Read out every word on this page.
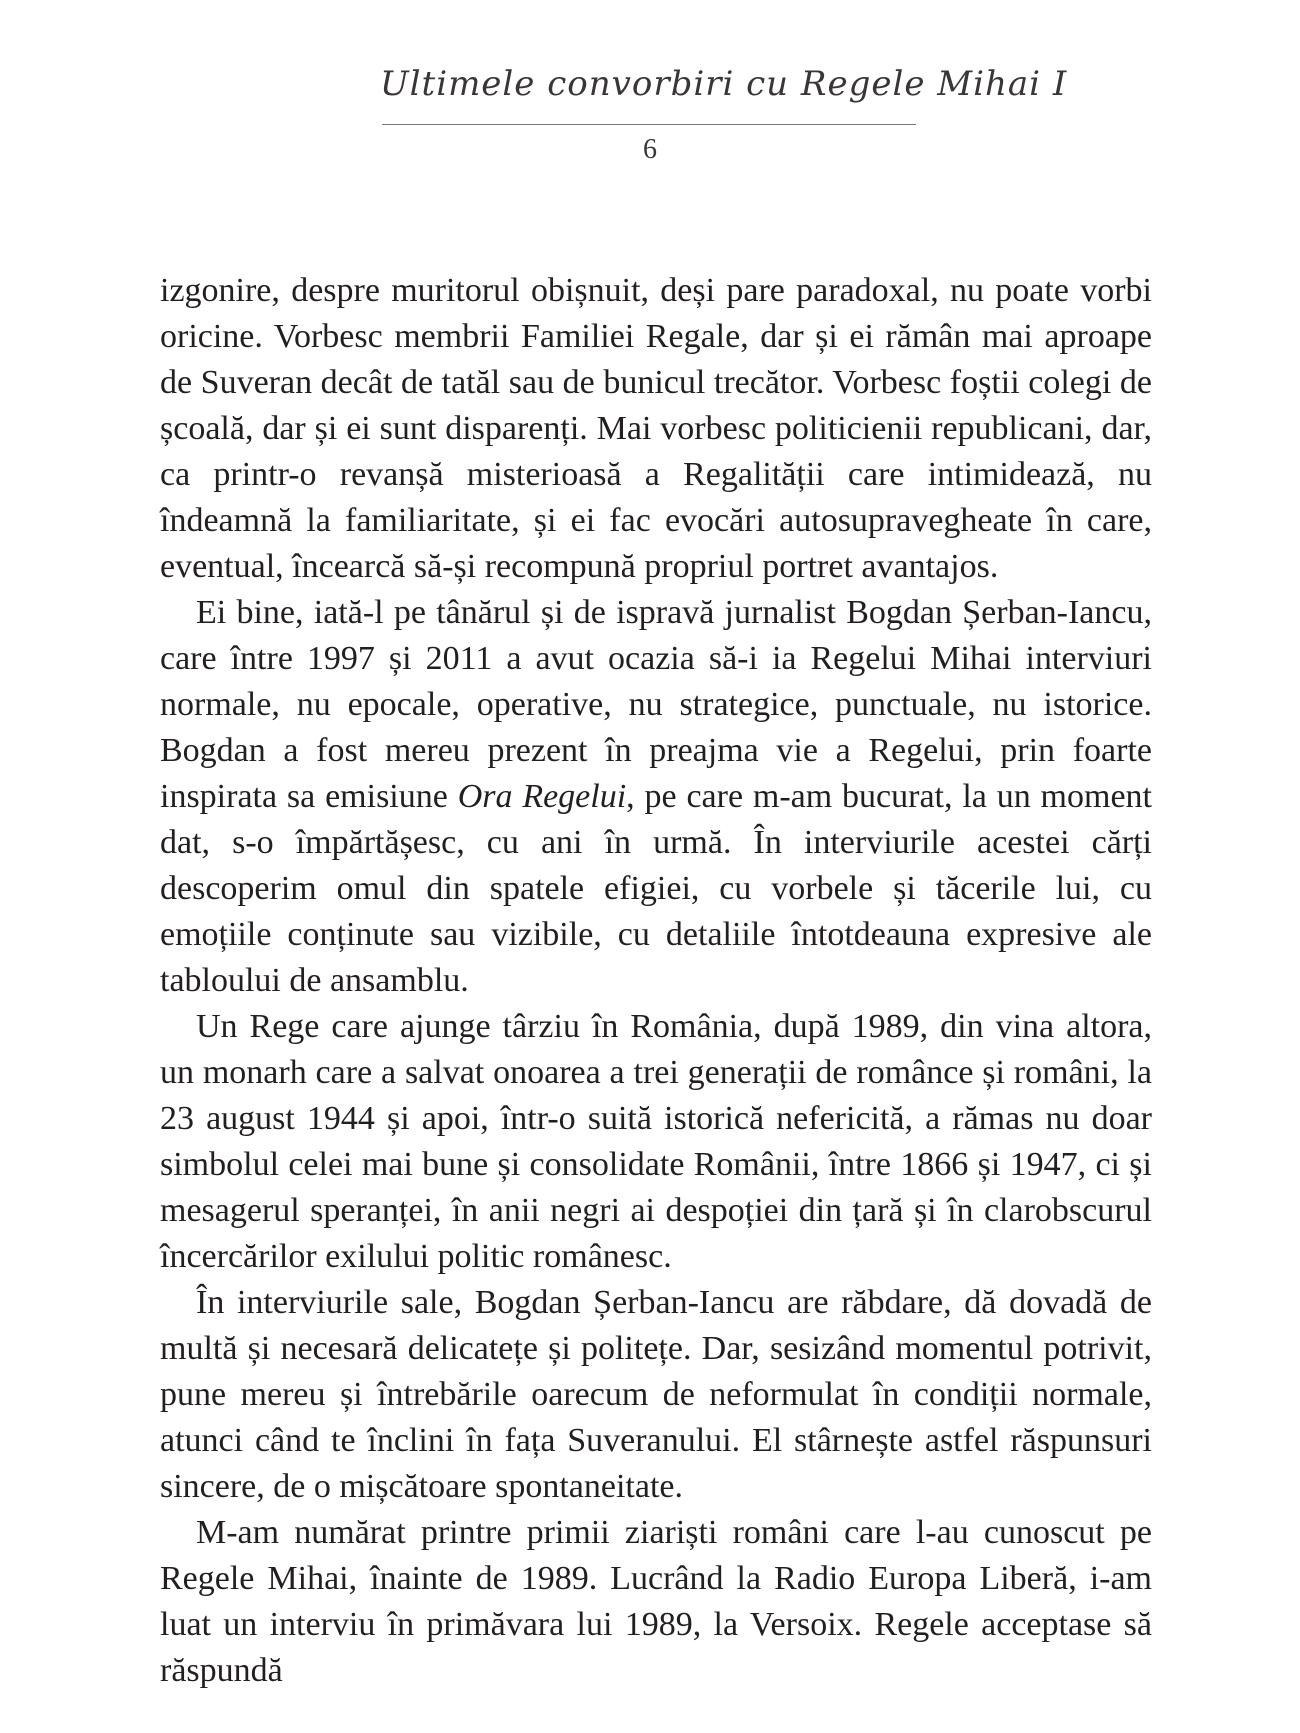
Ultimele convorbiri cu Regele Mihai I
6

izgonire, despre muritorul obișnuit, deși pare paradoxal, nu poate vorbi oricine. Vorbesc membrii Familiei Regale, dar și ei rămân mai aproape de Suveran decât de tatăl sau de bunicul trecător. Vorbesc foștii colegi de școală, dar și ei sunt disparenți. Mai vorbesc politicienii republicani, dar, ca printr-o revanșă misterioasă a Regalității care intimidează, nu îndeamnă la familiaritate, și ei fac evocări autosupravegheate în care, eventual, încearcă să-și recompună propriul portret avantajos.

Ei bine, iată-l pe tânărul și de ispravă jurnalist Bogdan Șerban-Iancu, care între 1997 și 2011 a avut ocazia să-i ia Regelui Mihai interviuri normale, nu epocale, operative, nu strategice, punctuale, nu istorice. Bogdan a fost mereu prezent în preajma vie a Regelui, prin foarte inspirata sa emisiune Ora Regelui, pe care m-am bucurat, la un moment dat, s-o împărtășesc, cu ani în urmă. În interviurile acestei cărți descoperim omul din spatele efigiei, cu vorbele și tăcerile lui, cu emoțiile conținute sau vizibile, cu detaliile întotdeauna expresive ale tabloului de ansamblu.

Un Rege care ajunge târziu în România, după 1989, din vina altora, un monarh care a salvat onoarea a trei generații de românce și români, la 23 august 1944 și apoi, într-o suită istorică nefericită, a rămas nu doar simbolul celei mai bune și consolidate Românii, între 1866 și 1947, ci și mesagerul speranței, în anii negri ai despoției din țară și în clarobscurul încercărilor exilului politic românesc.

În interviurile sale, Bogdan Șerban-Iancu are răbdare, dă dovadă de multă și necesară delicatețe și politețe. Dar, sesizând momentul potrivit, pune mereu și întrebările oarecum de neformulat în condiții normale, atunci când te înclini în fața Suveranului. El stârnește astfel răspunsuri sincere, de o mișcătoare spontaneitate.

M-am numărat printre primii ziariști români care l-au cunoscut pe Regele Mihai, înainte de 1989. Lucrând la Radio Europa Liberă, i-am luat un interviu în primăvara lui 1989, la Versoix. Regele acceptase să răspundă
